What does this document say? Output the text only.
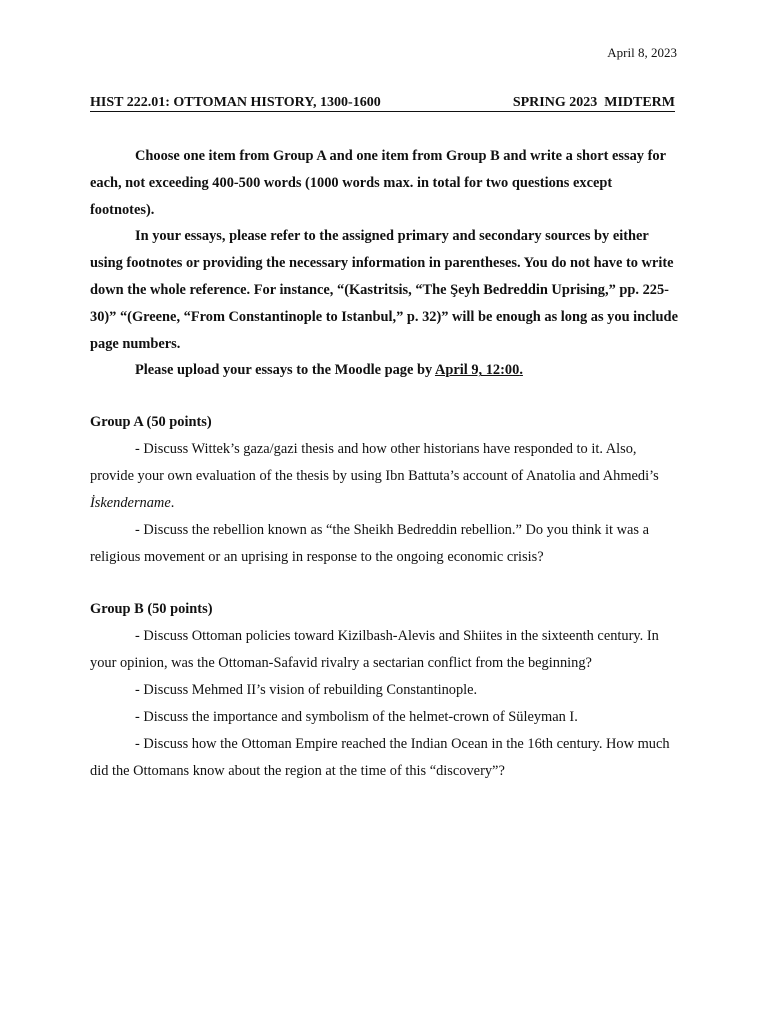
April 8, 2023
HIST 222.01: OTTOMAN HISTORY, 1300-1600	SPRING 2023  MIDTERM

Choose one item from Group A and one item from Group B and write a short essay for each, not exceeding 400-500 words (1000 words max. in total for two questions except footnotes).

In your essays, please refer to the assigned primary and secondary sources by either using footnotes or providing the necessary information in parentheses. You do not have to write down the whole reference. For instance, “(Kastritsis, “The Şeyh Bedreddin Uprising,” pp. 225-30)” “(Greene, “From Constantinople to Istanbul,” p. 32)” will be enough as long as you include page numbers.

Please upload your essays to the Moodle page by April 9, 12:00.

Group A (50 points)

- Discuss Wittek’s gaza/gazi thesis and how other historians have responded to it. Also, provide your own evaluation of the thesis by using Ibn Battuta’s account of Anatolia and Ahmedi’s İskendername.

- Discuss the rebellion known as “the Sheikh Bedreddin rebellion.” Do you think it was a religious movement or an uprising in response to the ongoing economic crisis?

Group B (50 points)

- Discuss Ottoman policies toward Kizilbash-Alevis and Shiites in the sixteenth century. In your opinion, was the Ottoman-Safavid rivalry a sectarian conflict from the beginning?

- Discuss Mehmed II’s vision of rebuilding Constantinople.

- Discuss the importance and symbolism of the helmet-crown of Süleyman I.

- Discuss how the Ottoman Empire reached the Indian Ocean in the 16th century. How much did the Ottomans know about the region at the time of this “discovery”?
